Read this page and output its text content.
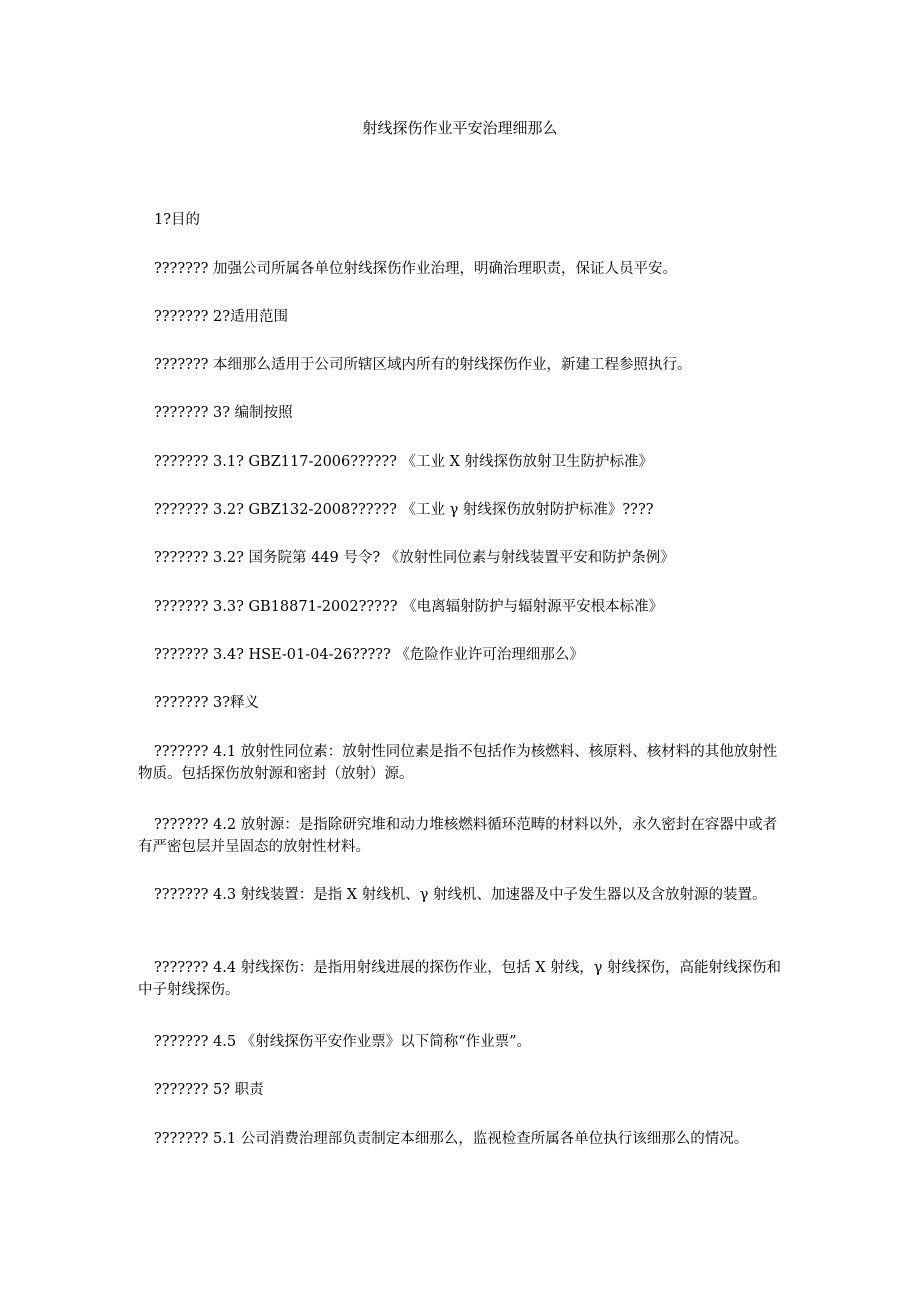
射线探伤作业平安治理细那么

1?目的

??????? 加强公司所属各单位射线探伤作业治理，明确治理职责，保证人员平安。

??????? 2?适用范围

??????? 本细那么适用于公司所辖区域内所有的射线探伤作业，新建工程参照执行。

??????? 3? 编制按照

??????? 3.1? GBZ117-2006?????? 《工业 X 射线探伤放射卫生防护标准》

??????? 3.2? GBZ132-2008?????? 《工业 γ 射线探伤放射防护标准》????

??????? 3.2? 国务院第 449 号令? 《放射性同位素与射线装置平安和防护条例》

??????? 3.3? GB18871-2002????? 《电离辐射防护与辐射源平安根本标准》

??????? 3.4? HSE-01-04-26????? 《危险作业许可治理细那么》

??????? 3?释义

??????? 4.1 放射性同位素：放射性同位素是指不包括作为核燃料、核原料、核材料的其他放射性物质。包括探伤放射源和密封（放射）源。

??????? 4.2 放射源：是指除研究堆和动力堆核燃料循环范畴的材料以外，永久密封在容器中或者有严密包层并呈固态的放射性材料。

??????? 4.3 射线装置：是指 X 射线机、γ 射线机、加速器及中子发生器以及含放射源的装置。

??????? 4.4 射线探伤：是指用射线进展的探伤作业，包括 X 射线，γ 射线探伤，高能射线探伤和中子射线探伤。

??????? 4.5 《射线探伤平安作业票》以下简称“作业票”。

??????? 5? 职责

??????? 5.1 公司消费治理部负责制定本细那么，监视检查所属各单位执行该细那么的情况。
